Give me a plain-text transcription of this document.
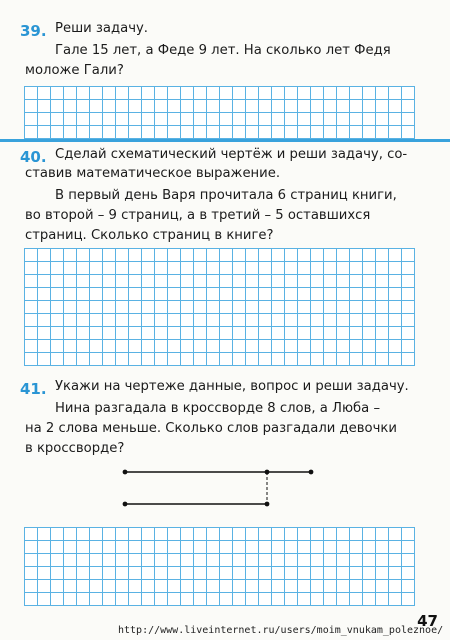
39. Реши задачу.
Гале 15 лет, а Феде 9 лет. На сколько лет Федя
моложе Гали?
40. Сделай схематический чертёж и реши задачу, со-
ставив математическое выражение.
В первый день Варя прочитала 6 страниц книги,
во второй – 9 страниц, а в третий – 5 оставшихся
страниц. Сколько страниц в книге?
41. Укажи на чертеже данные, вопрос и реши задачу.
Нина разгадала в кроссворде 8 слов, а Люба –
на 2 слова меньше. Сколько слов разгадали девочки
в кроссворде?
47
http://www.liveinternet.ru/users/moim_vnukam_poleznoe/
